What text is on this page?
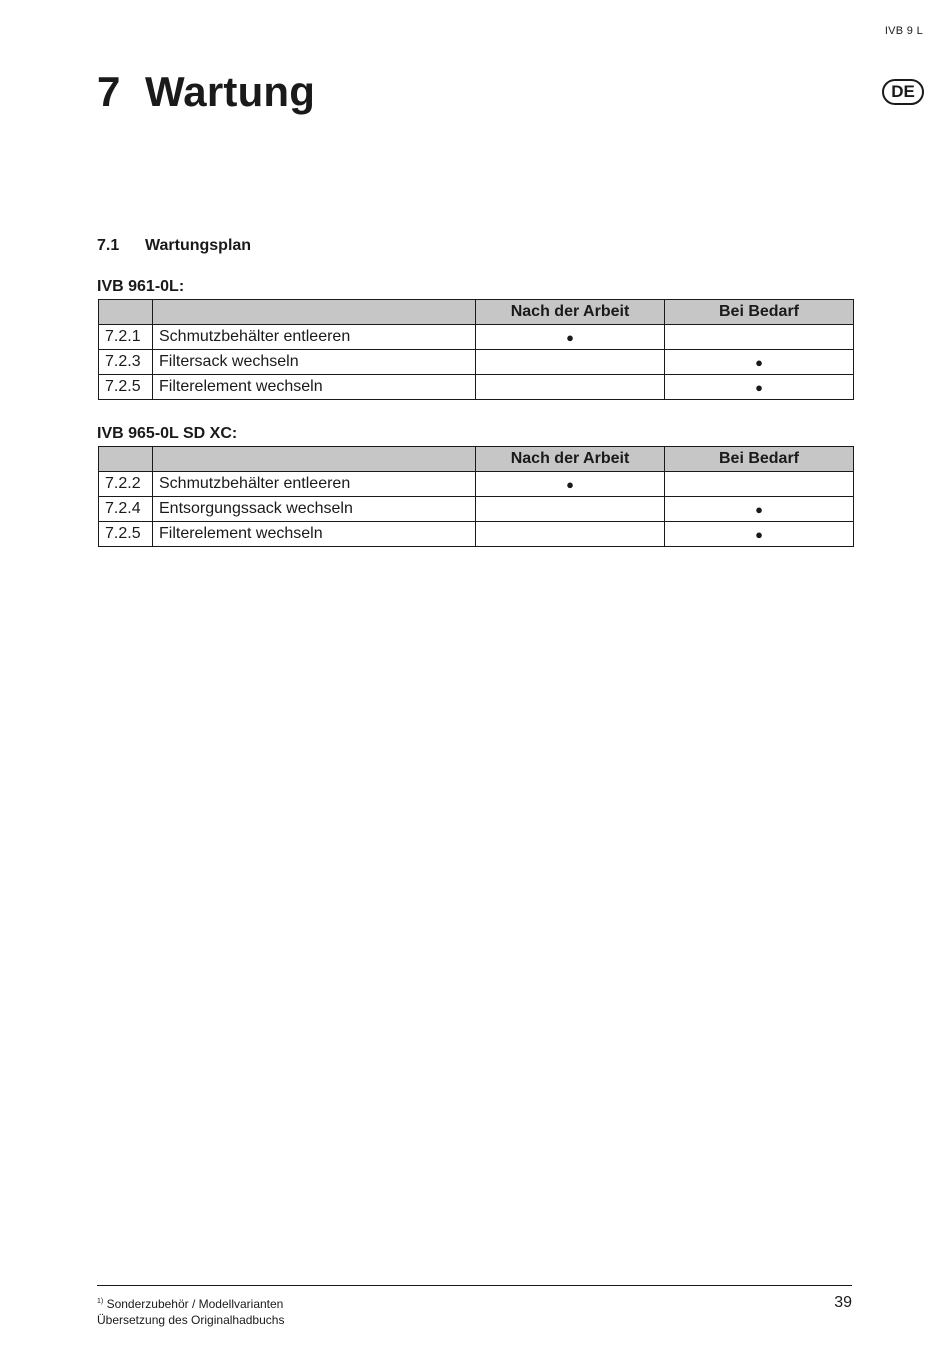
IVB 9 L
DE
7 Wartung
7.1 Wartungsplan
IVB 961-0L:
		Nach der Arbeit	Bei Bedarf
7.2.1	Schmutzbehälter entleeren	●	
7.2.3	Filtersack wechseln		●
7.2.5	Filterelement wechseln		●
IVB 965-0L SD XC:
		Nach der Arbeit	Bei Bedarf
7.2.2	Schmutzbehälter entleeren	●	
7.2.4	Entsorgungssack wechseln		●
7.2.5	Filterelement wechseln		●
$^{1)}$ Sonderzubehör / Modellvarianten
Übersetzung des Originalhadbuchs
39
